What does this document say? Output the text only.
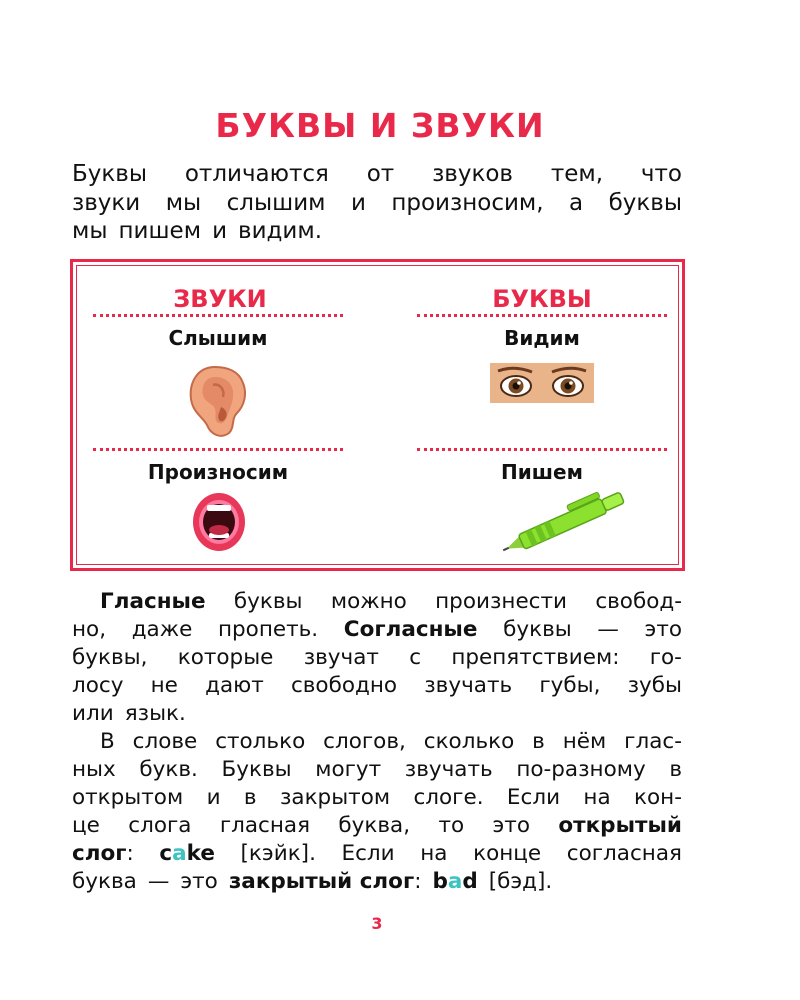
БУКВЫ И ЗВУКИ
Буквы отличаются от звуков тем, что
звуки мы слышим и произносим, а буквы
мы пишем и видим.
ЗВУКИ	БУКВЫ
Слышим	Видим
Произносим	Пишем
Гласные буквы можно произнести свобод-
но, даже пропеть. Согласные буквы — это
буквы, которые звучат с препятствием: го-
лосу не дают свободно звучать губы, зубы
или язык.
В слове столько слогов, сколько в нём глас-
ных букв. Буквы могут звучать по-разному в
открытом и в закрытом слоге. Если на кон-
це слога гласная буква, то это открытый
слог: cake [кэйк]. Если на конце согласная
буква — это закрытый слог: bad [бэд].
3
